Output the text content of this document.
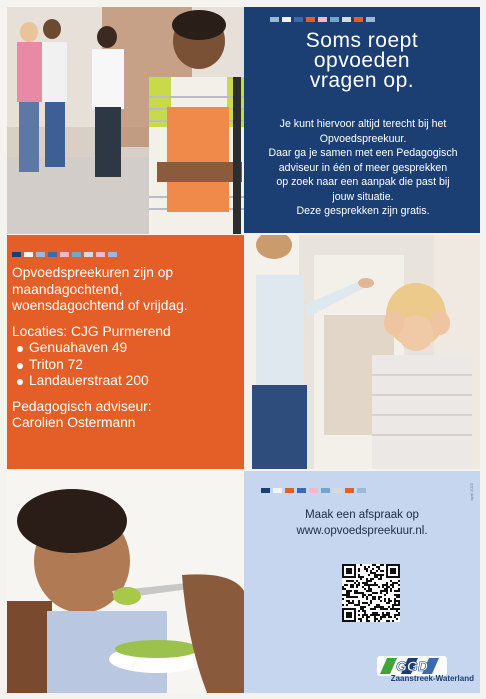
Soms roept
opvoeden
vragen op.
Je kunt hiervoor altijd terecht bij het
Opvoedspreekuur.
Daar ga je samen met een Pedagogisch
adviseur in één of meer gesprekken
op zoek naar een aanpak die past bij
jouw situatie.
Deze gesprekken zijn gratis.
Opvoedspreekuren zijn op
maandagochtend,
woensdagochtend of vrijdag.
Locaties: CJG Purmerend
Genuahaven 49
Triton 72
Landauerstraat 200
Pedagogisch adviseur:
Carolien Ostermann
april 2022
Maak een afspraak op
www.opvoedspreekuur.nl.
GGD
Zaanstreek-Waterland
